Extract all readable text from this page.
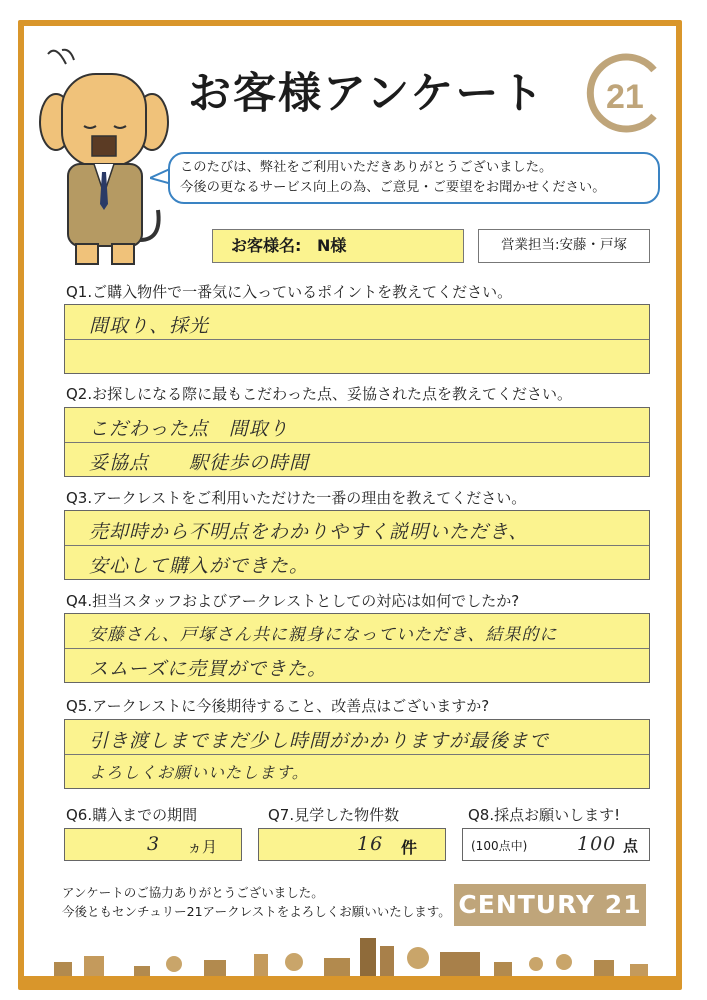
お客様アンケート 21
このたびは、弊社をご利用いただきありがとうございました。
今後の更なるサービス向上の為、ご意見・ご要望をお聞かせください。
お客様名: N様	営業担当:安藤・戸塚
Q1.ご購入物件で一番気に入っているポイントを教えてください。
間取り、採光
Q2.お探しになる際に最もこだわった点、妥協された点を教えてください。
こだわった点　間取り
妥協点　　駅徒歩の時間
Q3.アークレストをご利用いただけた一番の理由を教えてください。
売却時から不明点をわかりやすく説明いただき、
安心して購入ができた。
Q4.担当スタッフおよびアークレストとしての対応は如何でしたか?
安藤さん、戸塚さん共に親身になっていただき、結果的に
スムーズに売買ができた。
Q5.アークレストに今後期待すること、改善点はございますか?
引き渡しまでまだ少し時間がかかりますが最後まで
よろしくお願いいたします。
Q6.購入までの期間
3 ヵ月
Q7.見学した物件数
16 件
Q8.採点お願いします!
(100点中)	100 点
アンケートのご協力ありがとうございました。
今後ともセンチュリー21アークレストをよろしくお願いいたします。 CENTURY 21
